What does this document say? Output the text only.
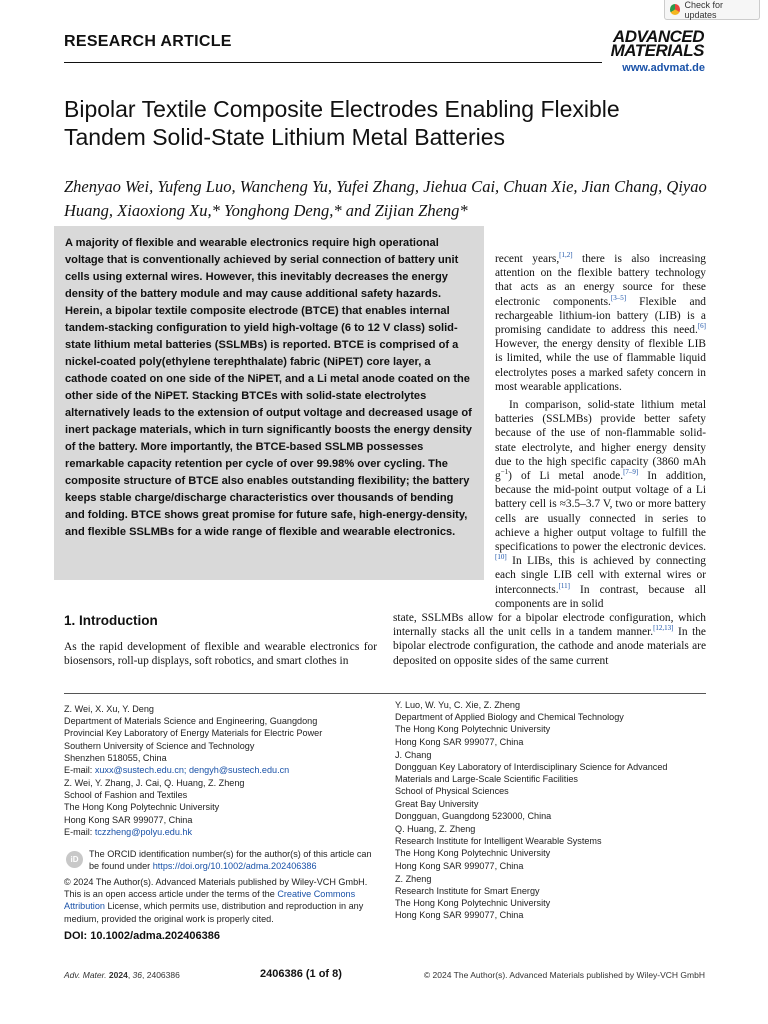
Check for updates
RESEARCH ARTICLE	ADVANCED
MATERIALS
www.advmat.de
Bipolar Textile Composite Electrodes Enabling Flexible Tandem Solid-State Lithium Metal Batteries
Zhenyao Wei, Yufeng Luo, Wancheng Yu, Yufei Zhang, Jiehua Cai, Chuan Xie, Jian Chang, Qiyao Huang, Xiaoxiong Xu,* Yonghong Deng,* and Zijian Zheng*
A majority of flexible and wearable electronics require high operational voltage that is conventionally achieved by serial connection of battery unit cells using external wires. However, this inevitably decreases the energy density of the battery module and may cause additional safety hazards. Herein, a bipolar textile composite electrode (BTCE) that enables internal tandem-stacking configuration to yield high-voltage (6 to 12 V class) solid-state lithium metal batteries (SSLMBs) is reported. BTCE is comprised of a nickel-coated poly(ethylene terephthalate) fabric (NiPET) core layer, a cathode coated on one side of the NiPET, and a Li metal anode coated on the other side of the NiPET. Stacking BTCEs with solid-state electrolytes alternatively leads to the extension of output voltage and decreased usage of inert package materials, which in turn significantly boosts the energy density of the battery. More importantly, the BTCE-based SSLMB possesses remarkable capacity retention per cycle of over 99.98% over cycling. The composite structure of BTCE also enables outstanding flexibility; the battery keeps stable charge/discharge characteristics over thousands of bending and folding. BTCE shows great promise for future safe, high-energy-density, and flexible SSLMBs for a wide range of flexible and wearable electronics.
recent years,[1,2] there is also increasing attention on the flexible battery technology that acts as an energy source for these electronic components.[3–5] Flexible and rechargeable lithium-ion battery (LIB) is a promising candidate to address this need.[6] However, the energy density of flexible LIB is limited, while the use of flammable liquid electrolytes poses a marked safety concern in most wearable applications.
In comparison, solid-state lithium metal batteries (SSLMBs) provide better safety because of the use of non-flammable solid-state electrolyte, and higher energy density due to the high specific capacity (3860 mAh $g^{-1}$) of Li metal anode.[7–9] In addition, because the mid-point output voltage of a Li battery cell is ≈3.5–3.7 V, two or more battery cells are usually connected in series to achieve a higher output voltage to fulfill the specifications to power the electronic devices.[10] In LIBs, this is achieved by connecting each single LIB cell with external wires or interconnects.[11] In contrast, because all components are in solid
state, SSLMBs allow for a bipolar electrode configuration, which internally stacks all the unit cells in a tandem manner.[12,13] In the bipolar electrode configuration, the cathode and anode materials are deposited on opposite sides of the same current
1. Introduction
As the rapid development of flexible and wearable electronics for biosensors, roll-up displays, soft robotics, and smart clothes in
Z. Wei, X. Xu, Y. Deng
Department of Materials Science and Engineering, Guangdong
Provincial Key Laboratory of Energy Materials for Electric Power
Southern University of Science and Technology
Shenzhen 518055, China
E-mail: xuxx@sustech.edu.cn; dengyh@sustech.edu.cn
Z. Wei, Y. Zhang, J. Cai, Q. Huang, Z. Zheng
School of Fashion and Textiles
The Hong Kong Polytechnic University
Hong Kong SAR 999077, China
E-mail: tczzheng@polyu.edu.hk
iD
The ORCID identification number(s) for the author(s) of this article can be found under https://doi.org/10.1002/adma.202406386
© 2024 The Author(s). Advanced Materials published by Wiley-VCH GmbH. This is an open access article under the terms of the Creative Commons Attribution License, which permits use, distribution and reproduction in any medium, provided the original work is properly cited.
DOI: 10.1002/adma.202406386
Y. Luo, W. Yu, C. Xie, Z. Zheng
Department of Applied Biology and Chemical Technology
The Hong Kong Polytechnic University
Hong Kong SAR 999077, China
J. Chang
Dongguan Key Laboratory of Interdisciplinary Science for Advanced Materials and Large-Scale Scientific Facilities
School of Physical Sciences
Great Bay University
Dongguan, Guangdong 523000, China
Q. Huang, Z. Zheng
Research Institute for Intelligent Wearable Systems
The Hong Kong Polytechnic University
Hong Kong SAR 999077, China
Z. Zheng
Research Institute for Smart Energy
The Hong Kong Polytechnic University
Hong Kong SAR 999077, China
Adv. Mater. 2024, 36, 2406386	2406386 (1 of 8)	© 2024 The Author(s). Advanced Materials published by Wiley-VCH GmbH
